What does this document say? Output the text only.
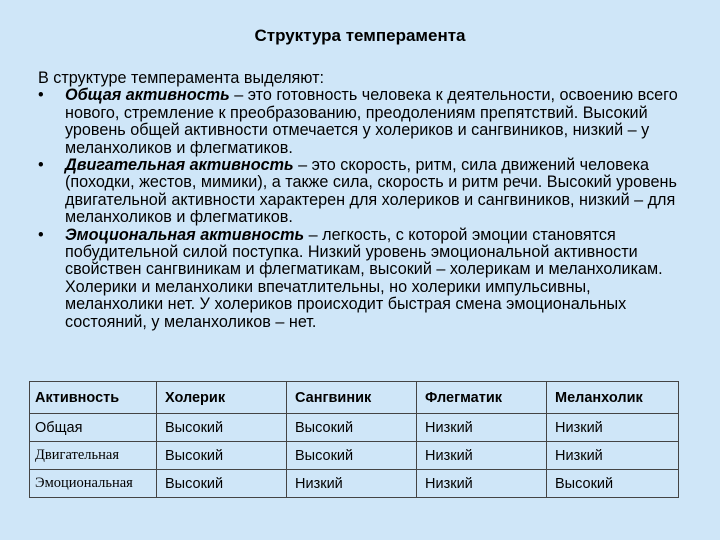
Структура темперамента

В структуре темперамента выделяют:

• Общая активность – это готовность человека к деятельности, освоению всего нового, стремление к преобразованию, преодолениям препятствий. Высокий уровень общей активности отмечается у холериков и сангвиников, низкий – у меланхоликов и флегматиков.
• Двигательная активность – это скорость, ритм, сила движений человека (походки, жестов, мимики), а также сила, скорость и ритм речи. Высокий уровень двигательной активности характерен для холериков и сангвиников, низкий – для меланхоликов и флегматиков.
• Эмоциональная активность – легкость, с которой эмоции становятся побудительной силой поступка. Низкий уровень эмоциональной активности свойствен сангвиникам и флегматикам, высокий – холерикам и меланхоликам. Холерики и меланхолики впечатлительны, но холерики импульсивны, меланхолики нет. У холериков происходит быстрая смена эмоциональных состояний, у меланхоликов – нет.
Активность	Холерик	Сангвиник	Флегматик	Меланхолик
Общая	Высокий	Высокий	Низкий	Низкий
Двигательная	Высокий	Высокий	Низкий	Низкий
Эмоциональная	Высокий	Низкий	Низкий	Высокий
